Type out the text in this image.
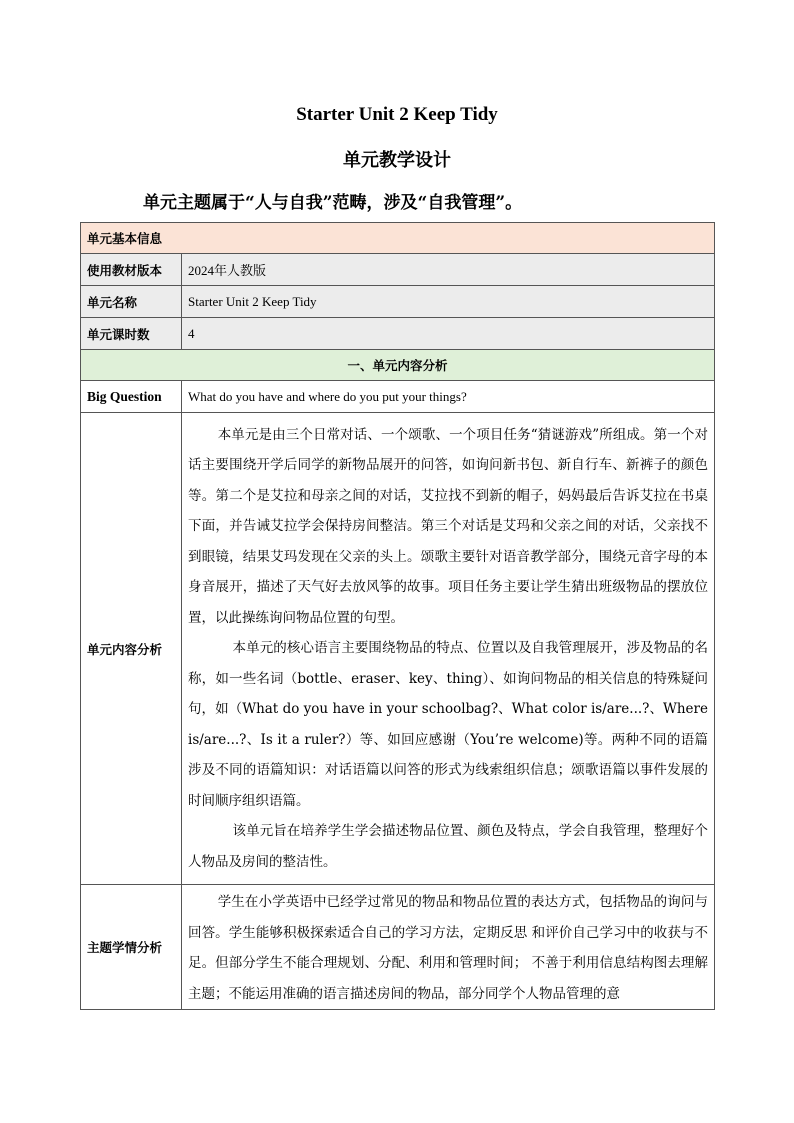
Starter Unit 2 Keep Tidy
单元教学设计
单元主题属于“人与自我”范畴，涉及“自我管理”。
单元基本信息	
使用教材版本	2024年人教版
单元名称	Starter Unit 2 Keep Tidy
单元课时数	4
一、单元内容分析	
Big Question	What do you have and where do you put your things?
单元内容分析	本单元是由三个日常对话、一个颂歌、一个项目任务“猜谜游戏”所组成。第一个对话主要围绕开学后同学的新物品展开的问答，如询问新书包、新自行车、新裤子的颜色等。第二个是艾拉和母亲之间的对话，艾拉找不到新的帽子，妈妈最后告诉艾拉在书桌下面，并告诫艾拉学会保持房间整洁。第三个对话是艾玛和父亲之间的对话，父亲找不到眼镜，结果艾玛发现在父亲的头上。颂歌主要针对语音教学部分，围绕元音字母的本身音展开，描述了天气好去放风筝的故事。项目任务主要让学生猜出班级物品的摆放位置，以此操练询问物品位置的句型。

本单元的核心语言主要围绕物品的特点、位置以及自我管理展开，涉及物品的名称，如一些名词（bottle、eraser、key、thing）、如询问物品的相关信息的特殊疑问句，如（What do you have in your schoolbag?、What color is/are...?、Where is/are...?、Is it a ruler?）等、如回应感谢（You’re welcome)等。两种不同的语篇涉及不同的语篇知识：对话语篇以问答的形式为线索组织信息；颂歌语篇以事件发展的时间顺序组织语篇。

该单元旨在培养学生学会描述物品位置、颜色及特点，学会自我管理，整理好个人物品及房间的整洁性。

主题学情分析	学生在小学英语中已经学过常见的物品和物品位置的表达方式，包括物品的询问与回答。学生能够积极探索适合自己的学习方法，定期反思 和评价自己学习中的收获与不足。但部分学生不能合理规划、分配、利用和管理时间； 不善于利用信息结构图去理解主题；不能运用准确的语言描述房间的物品，部分同学个人物品管理的意
